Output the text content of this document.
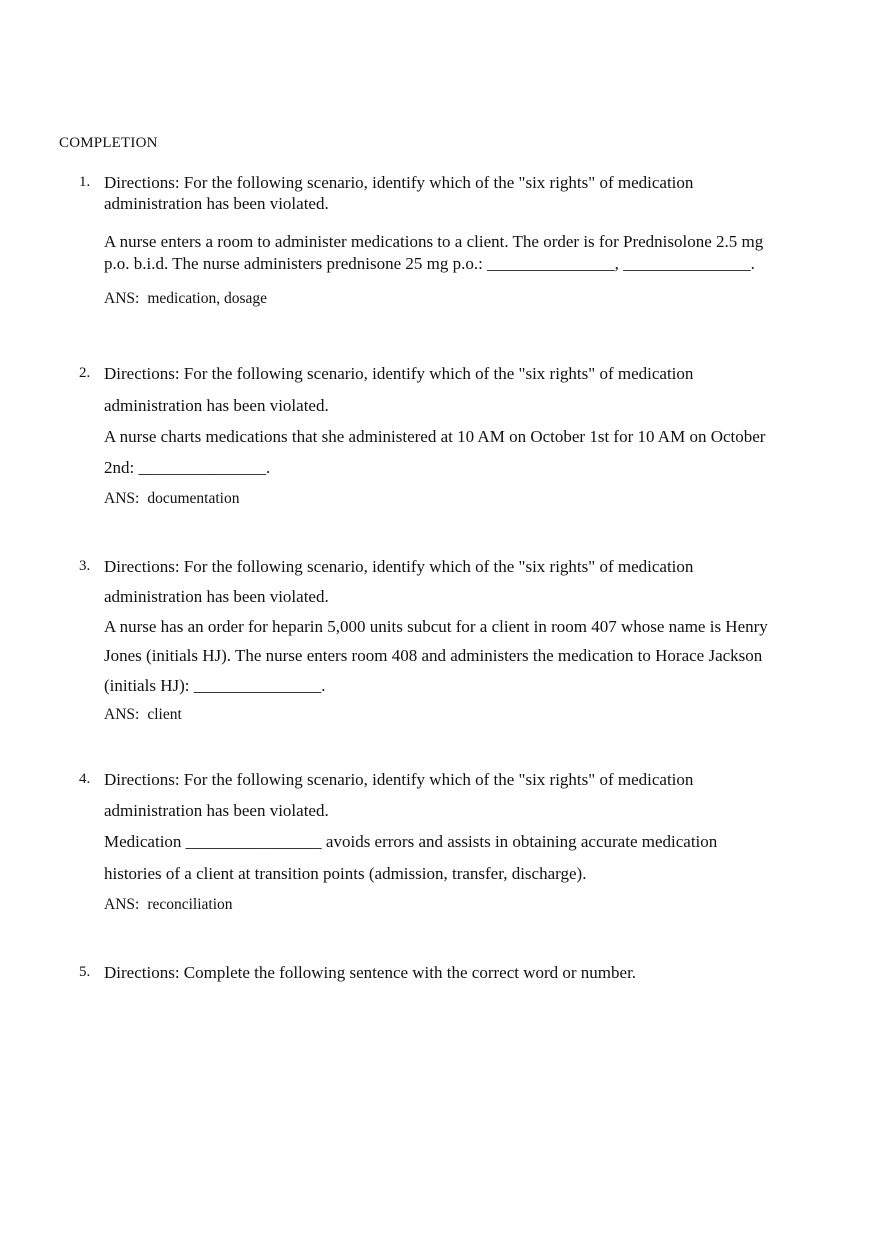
COMPLETION
1. Directions: For the following scenario, identify which of the "six rights" of medication
administration has been violated.
A nurse enters a room to administer medications to a client. The order is for Prednisolone 2.5 mg
p.o. b.i.d. The nurse administers prednisone 25 mg p.o.: _______________, _______________.
ANS: medication, dosage
2. Directions: For the following scenario, identify which of the "six rights" of medication
administration has been violated.
A nurse charts medications that she administered at 10 AM on October 1st for 10 AM on October
2nd: _______________.
ANS: documentation
3. Directions: For the following scenario, identify which of the "six rights" of medication
administration has been violated.
A nurse has an order for heparin 5,000 units subcut for a client in room 407 whose name is Henry
Jones (initials HJ). The nurse enters room 408 and administers the medication to Horace Jackson
(initials HJ): _______________.
ANS: client
4. Directions: For the following scenario, identify which of the "six rights" of medication
administration has been violated.
Medication ________________ avoids errors and assists in obtaining accurate medication
histories of a client at transition points (admission, transfer, discharge).
ANS: reconciliation
5. Directions: Complete the following sentence with the correct word or number.
